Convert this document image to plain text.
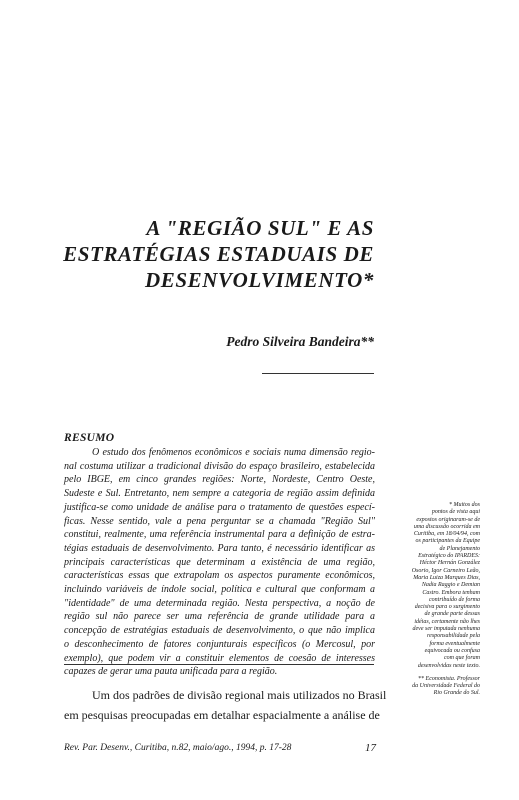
A "REGIÃO SUL" E AS
ESTRATÉGIAS ESTADUAIS DE
DESENVOLVIMENTO*
Pedro Silveira Bandeira**
RESUMO
O estudo dos fenômenos econômicos e sociais numa dimensão regio-
nal costuma utilizar a tradicional divisão do espaço brasileiro, estabelecida
pelo IBGE, em cinco grandes regiões: Norte, Nordeste, Centro Oeste,
Sudeste e Sul. Entretanto, nem sempre a categoria de região assim definida
justifica-se como unidade de análise para o tratamento de questões especí-
ficas. Nesse sentido, vale a pena perguntar se a chamada "Região Sul"
constitui, realmente, uma referência instrumental para a definição de estra-
tégias estaduais de desenvolvimento. Para tanto, é necessário identificar as
principais características que determinam a existência de uma região,
características essas que extrapolam os aspectos puramente econômicos,
incluindo variáveis de índole social, política e cultural que conformam a
"identidade" de uma determinada região. Nesta perspectiva, a noção de
região sul não parece ser uma referência de grande utilidade para a
concepção de estratégias estaduais de desenvolvimento, o que não implica
o desconhecimento de fatores conjunturais específicos (o Mercosul, por
exemplo), que podem vir a constituir elementos de coesão de interesses
capazes de gerar uma pauta unificada para a região.
Um dos padrões de divisão regional mais utilizados no Brasil
em pesquisas preocupadas em detalhar espacialmente a análise de
* Muitos dos
pontos de vista aqui
expostos originaram-se de
uma discussão ocorrida em
Curitiba, em 18/04/94, com
os participantes da Equipe
de Planejamento
Estratégico do IPARDES:
Héctor Hernán González
Osorio, Igor Carneiro Leão,
Maria Luiza Marques Dias,
Nadia Raggio e Demian
Castro. Embora tenham
contribuído de forma
decisiva para o surgimento
de grande parte dessas
idéias, certamente não lhes
deve ser imputada nenhuma
responsabilidade pela
forma eventualmente
equivocada ou confusa
com que foram
desenvolvidas neste texto.
** Economista. Professor
da Universidade Federal do
Rio Grande do Sul.
Rev. Par. Desenv., Curitiba, n.82, maio/ago., 1994, p. 17-28	17
